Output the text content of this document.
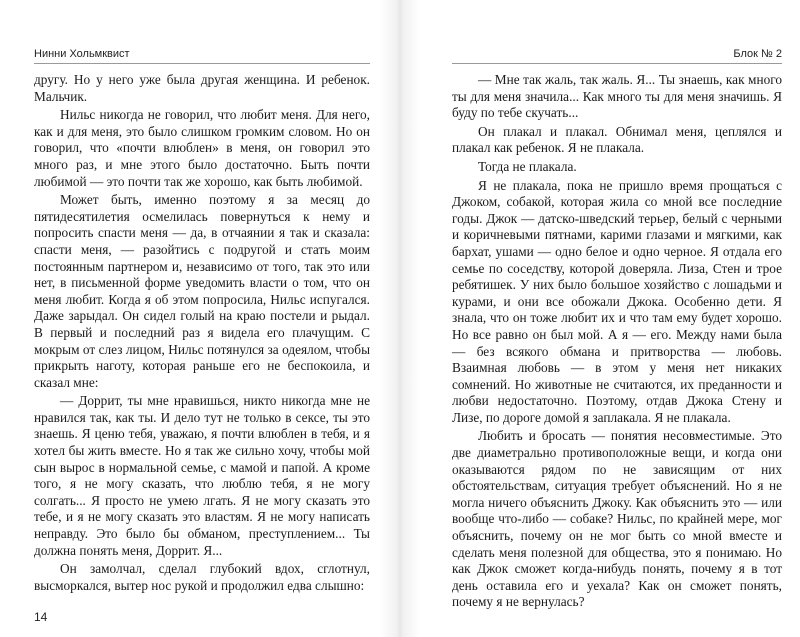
Нинни Хольмквист

другу. Но у него уже была другая женщина. И ребенок. Мальчик.

Нильс никогда не говорил, что любит меня. Для него, как и для меня, это было слишком громким словом. Но он говорил, что «почти влюблен» в меня, он говорил это много раз, и мне этого было достаточно. Быть почти любимой — это почти так же хорошо, как быть любимой.

Может быть, именно поэтому я за месяц до пятидесятилетия осмелилась повернуться к нему и попросить спасти меня — да, в отчаянии я так и сказала: спасти меня, — разойтись с подругой и стать моим постоянным партнером и, независимо от того, так это или нет, в письменной форме уведомить власти о том, что он меня любит. Когда я об этом попросила, Нильс испугался. Даже зарыдал. Он сидел голый на краю постели и рыдал. В первый и последний раз я видела его плачущим. С мокрым от слез лицом, Нильс потянулся за одеялом, чтобы прикрыть наготу, которая раньше его не беспокоила, и сказал мне:

— Доррит, ты мне нравишься, никто никогда мне не нравился так, как ты. И дело тут не только в сексе, ты это знаешь. Я ценю тебя, уважаю, я почти влюблен в тебя, и я хотел бы жить вместе. Но я так же сильно хочу, чтобы мой сын вырос в нормальной семье, с мамой и папой. А кроме того, я не могу сказать, что люблю тебя, я не могу солгать... Я просто не умею лгать. Я не могу сказать это тебе, и я не могу сказать это властям. Я не могу написать неправду. Это было бы обманом, преступлением... Ты должна понять меня, Доррит. Я...

Он замолчал, сделал глубокий вдох, сглотнул, высморкался, вытер нос рукой и продолжил едва слышно:

14
Блок № 2

— Мне так жаль, так жаль. Я... Ты знаешь, как много ты для меня значила... Как много ты для меня значишь. Я буду по тебе скучать...

Он плакал и плакал. Обнимал меня, цеплялся и плакал как ребенок. Я не плакала.

Тогда не плакала.

Я не плакала, пока не пришло время прощаться с Джоком, собакой, которая жила со мной все последние годы. Джок — датско-шведский терьер, белый с черными и коричневыми пятнами, карими глазами и мягкими, как бархат, ушами — одно белое и одно черное. Я отдала его семье по соседству, которой доверяла. Лиза, Стен и трое ребятишек. У них было большое хозяйство с лошадьми и курами, и они все обожали Джока. Особенно дети. Я знала, что он тоже любит их и что там ему будет хорошо. Но все равно он был мой. А я — его. Между нами была — без всякого обмана и притворства — любовь. Взаимная любовь — в этом у меня нет никаких сомнений. Но животные не считаются, их преданности и любви недостаточно. Поэтому, отдав Джока Стену и Лизе, по дороге домой я заплакала. Я не плакала.

Любить и бросать — понятия несовместимые. Это две диаметрально противоположные вещи, и когда они оказываются рядом по не зависящим от них обстоятельствам, ситуация требует объяснений. Но я не могла ничего объяснить Джоку. Как объяснить это — или вообще что-либо — собаке? Нильс, по крайней мере, мог объяснить, почему он не мог быть со мной вместе и сделать меня полезной для общества, это я понимаю. Но как Джок сможет когда-нибудь понять, почему я в тот день оставила его и уехала? Как он сможет понять, почему я не вернулась?
